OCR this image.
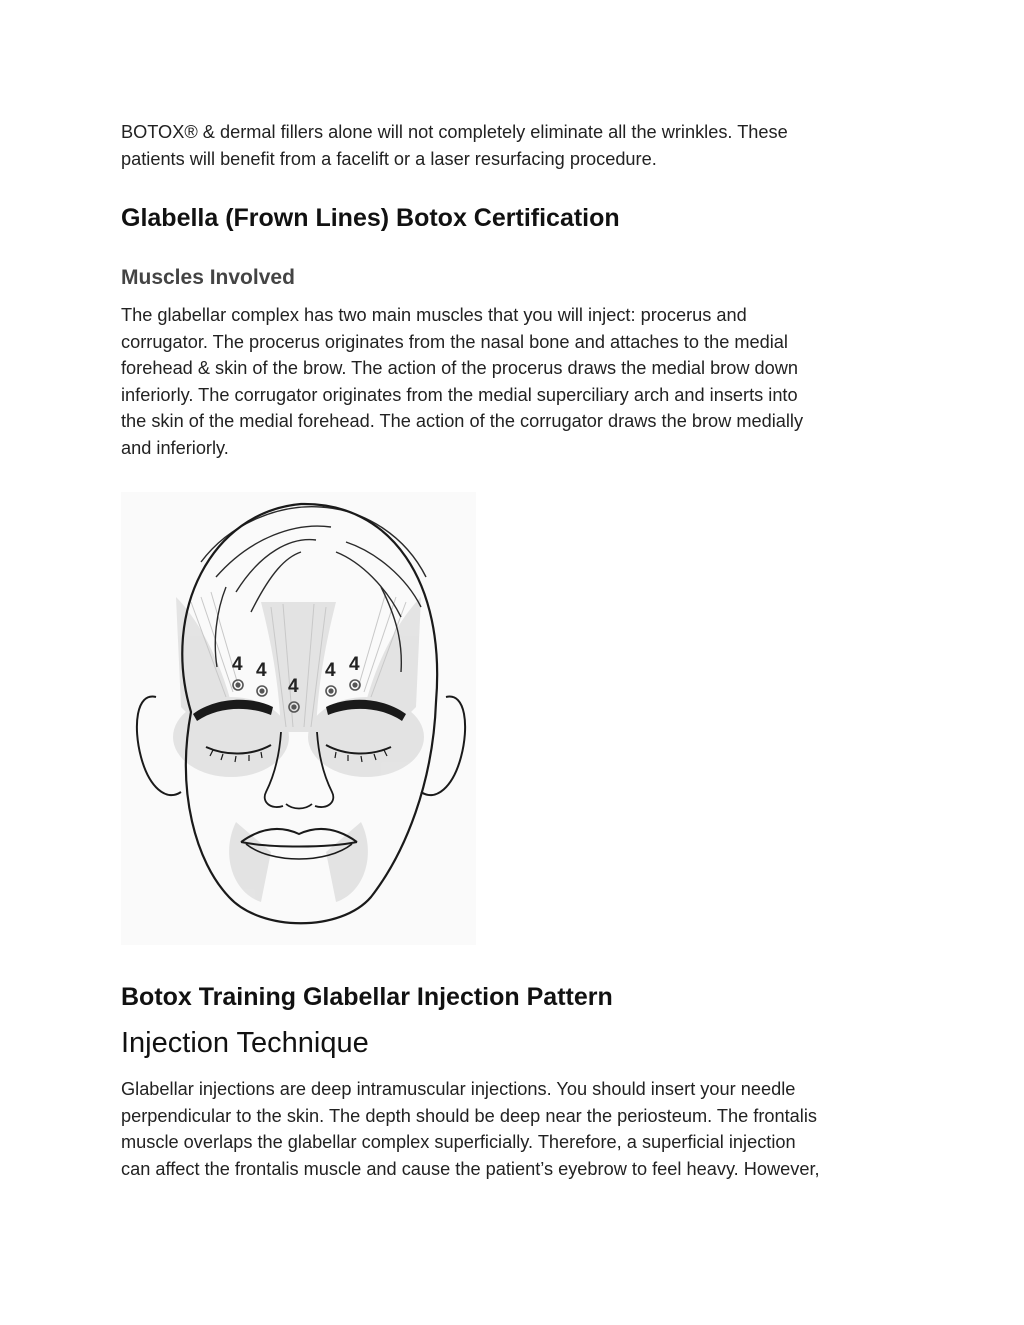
BOTOX® & dermal fillers alone will not completely eliminate all the wrinkles. These
patients will benefit from a facelift or a laser resurfacing procedure.

Glabella (Frown Lines) Botox Certification
Muscles Involved

The glabellar complex has two main muscles that you will inject: procerus and
corrugator. The procerus originates from the nasal bone and attaches to the medial
forehead & skin of the brow. The action of the procerus draws the medial brow down
inferiorly. The corrugator originates from the medial superciliary arch and inserts into
the skin of the medial forehead. The action of the corrugator draws the brow medially
and inferiorly.

4 4
4
4 4
Botox Training Glabellar Injection Pattern
Injection Technique

Glabellar injections are deep intramuscular injections. You should insert your needle
perpendicular to the skin. The depth should be deep near the periosteum. The frontalis
muscle overlaps the glabellar complex superficially. Therefore, a superficial injection
can affect the frontalis muscle and cause the patient’s eyebrow to feel heavy. However,
